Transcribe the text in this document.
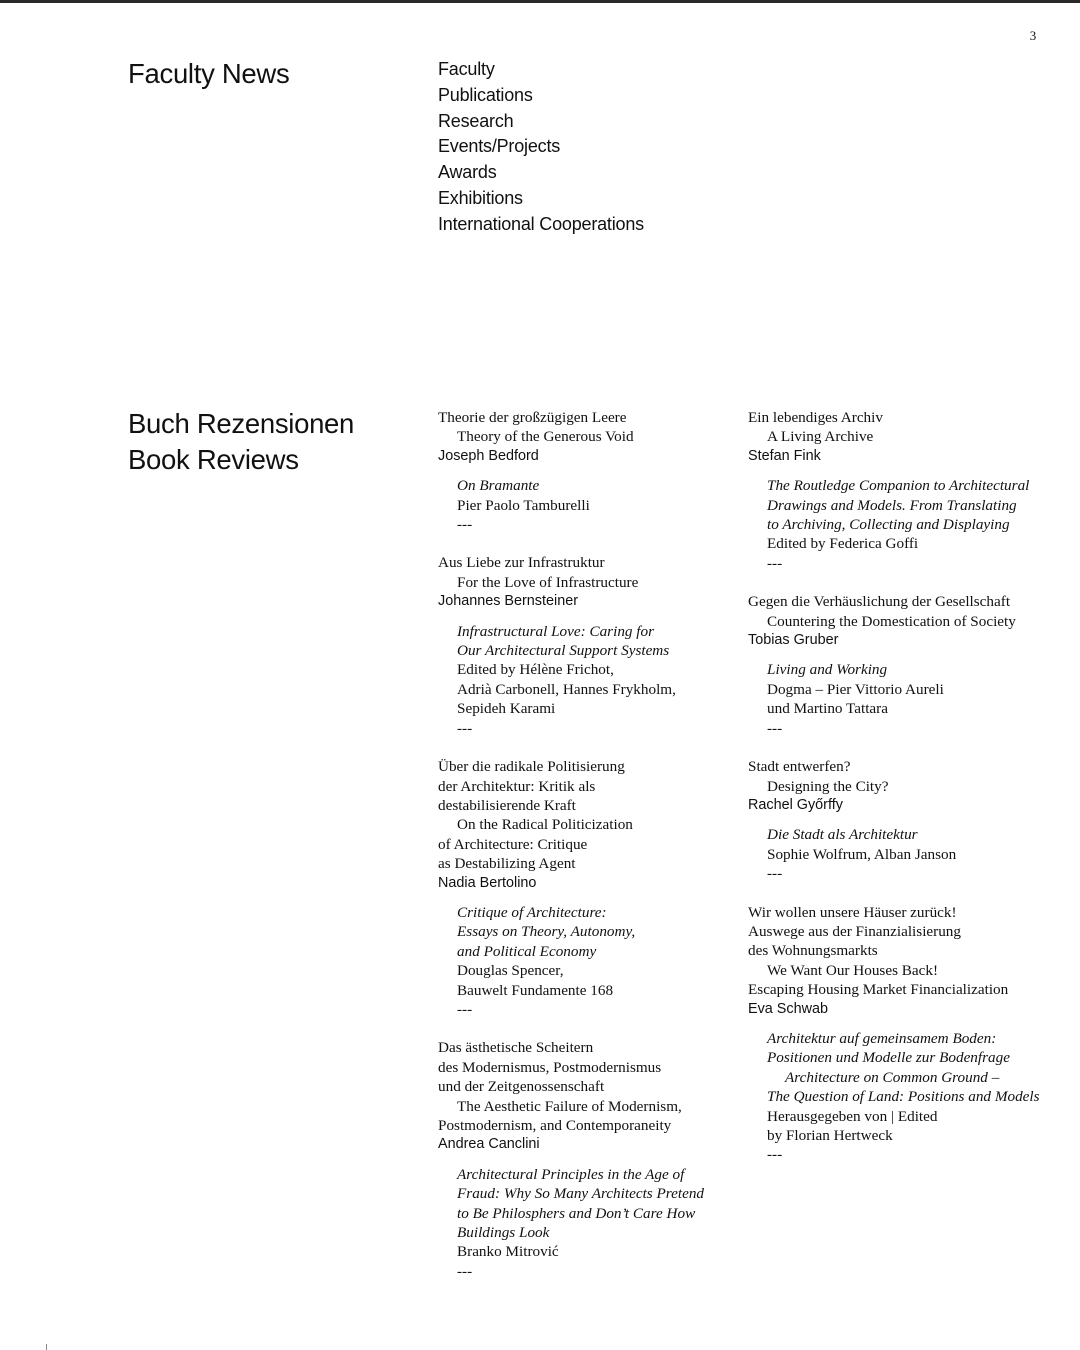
3
Faculty News	Faculty
Publications
Research
Events/Projects
Awards
Exhibitions
International Cooperations
Buch Rezensionen
Book Reviews
Theorie der großzügigen Leere
Theory of the Generous Void
Joseph Bedford
On Bramante
Pier Paolo Tamburelli
---
Aus Liebe zur Infrastruktur
For the Love of Infrastructure
Johannes Bernsteiner
Infrastructural Love: Caring for
Our Architectural Support Systems
Edited by Hélène Frichot,
Adrià Carbonell, Hannes Frykholm,
Sepideh Karami
---
Über die radikale Politisierung
der Architektur: Kritik als
destabilisierende Kraft
On the Radical Politicization
of Architecture: Critique
as Destabilizing Agent
Nadia Bertolino
Critique of Architecture:
Essays on Theory, Autonomy,
and Political Economy
Douglas Spencer,
Bauwelt Fundamente 168
---
Das ästhetische Scheitern
des Modernismus, Postmodernismus
und der Zeitgenossenschaft
The Aesthetic Failure of Modernism,
Postmodernism, and Contemporaneity
Andrea Canclini
Architectural Principles in the Age of
Fraud: Why So Many Architects Pretend
to Be Philosphers and Don’t Care How
Buildings Look
Branko Mitrović
---
Ein lebendiges Archiv
A Living Archive
Stefan Fink
The Routledge Companion to Architectural
Drawings and Models. From Translating
to Archiving, Collecting and Displaying
Edited by Federica Goffi
---
Gegen die Verhäuslichung der Gesellschaft
Countering the Domestication of Society
Tobias Gruber
Living and Working
Dogma – Pier Vittorio Aureli
und Martino Tattara
---
Stadt entwerfen?
Designing the City?
Rachel Győrffy
Die Stadt als Architektur
Sophie Wolfrum, Alban Janson
---
Wir wollen unsere Häuser zurück!
Auswege aus der Finanzialisierung
des Wohnungsmarkts
We Want Our Houses Back!
Escaping Housing Market Financialization
Eva Schwab
Architektur auf gemeinsamem Boden:
Positionen und Modelle zur Bodenfrage
Architecture on Common Ground –
The Question of Land: Positions and Models
Herausgegeben von | Edited
by Florian Hertweck
---
